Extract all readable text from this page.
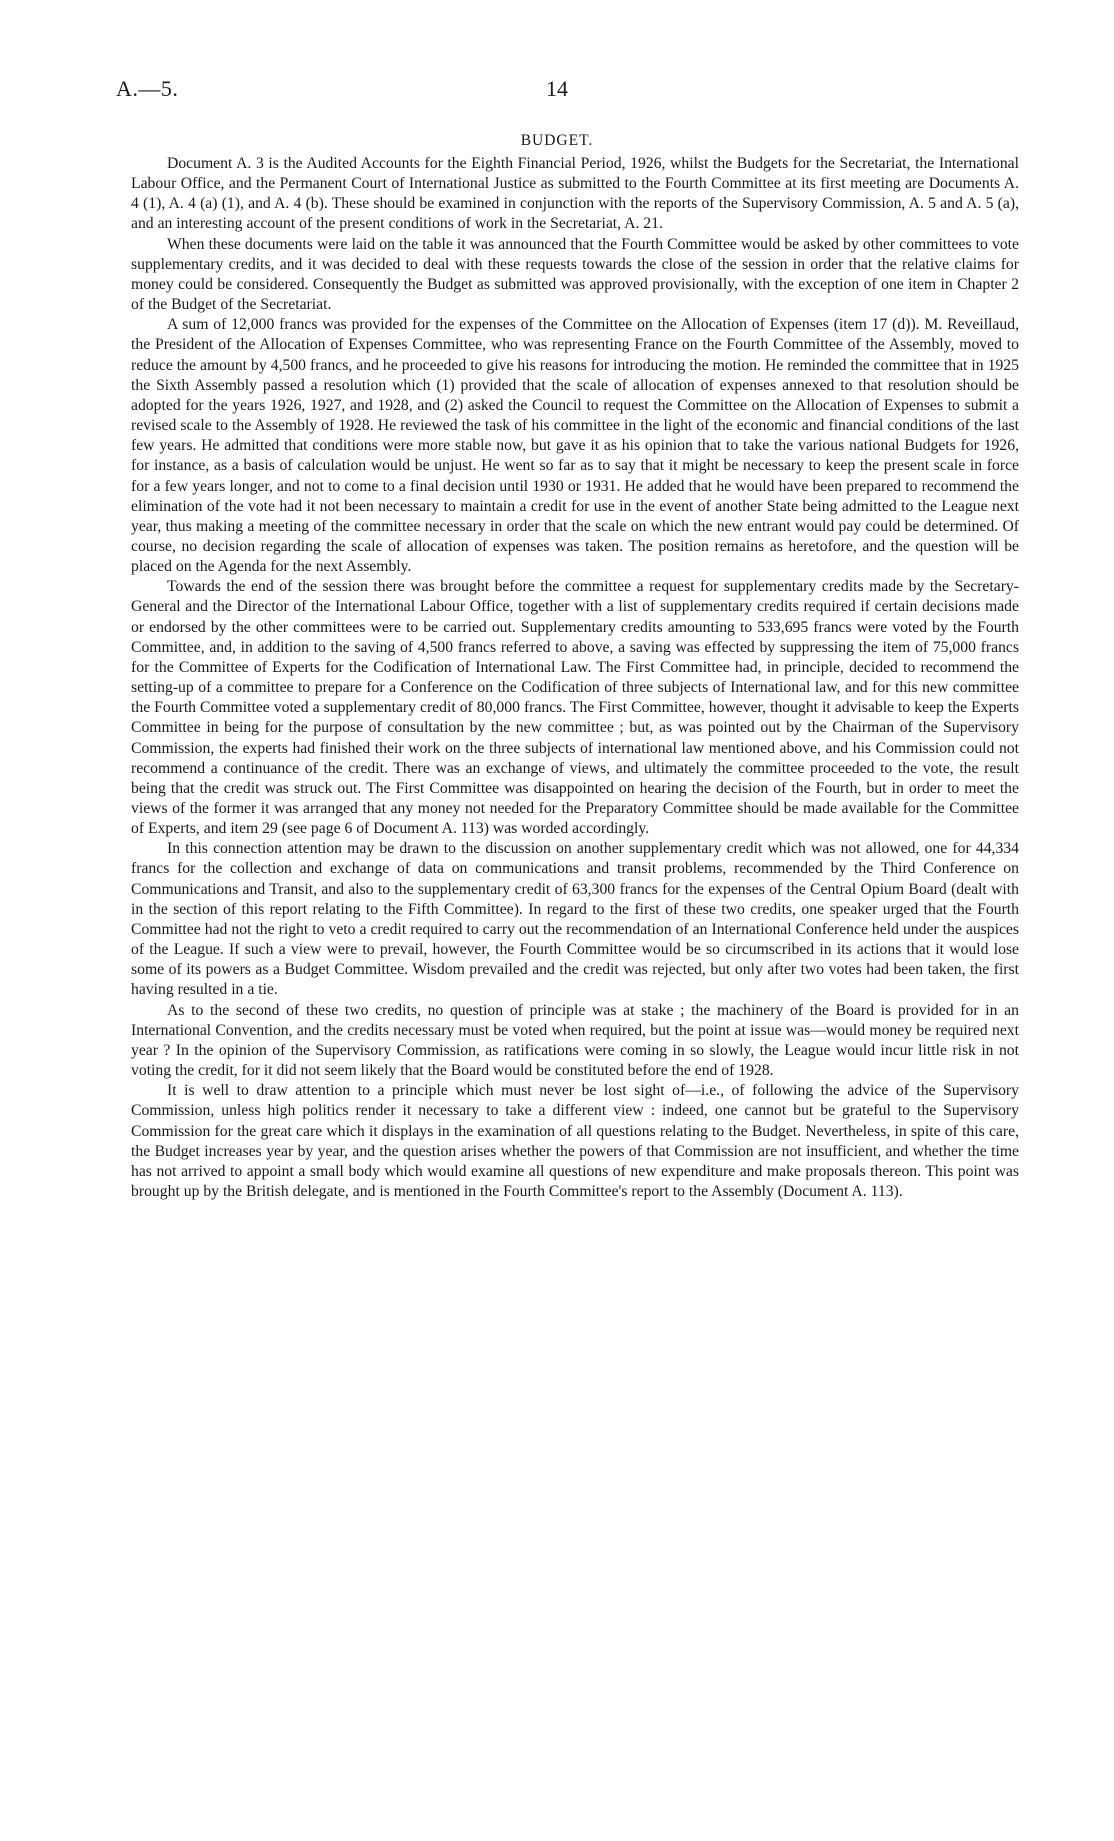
A.—5.	14
BUDGET.

Document A. 3 is the Audited Accounts for the Eighth Financial Period, 1926, whilst the Budgets for the Secretariat, the International Labour Office, and the Permanent Court of International Justice as submitted to the Fourth Committee at its first meeting are Documents A. 4 (1), A. 4 (a) (1), and A. 4 (b). These should be examined in conjunction with the reports of the Supervisory Commission, A. 5 and A. 5 (a), and an interesting account of the present conditions of work in the Secretariat, A. 21.

When these documents were laid on the table it was announced that the Fourth Committee would be asked by other committees to vote supplementary credits, and it was decided to deal with these requests towards the close of the session in order that the relative claims for money could be considered. Consequently the Budget as submitted was approved provisionally, with the exception of one item in Chapter 2 of the Budget of the Secretariat.

A sum of 12,000 francs was provided for the expenses of the Committee on the Allocation of Expenses (item 17 (d)). M. Reveillaud, the President of the Allocation of Expenses Committee, who was representing France on the Fourth Committee of the Assembly, moved to reduce the amount by 4,500 francs, and he proceeded to give his reasons for introducing the motion. He reminded the committee that in 1925 the Sixth Assembly passed a resolution which (1) provided that the scale of allocation of expenses annexed to that resolution should be adopted for the years 1926, 1927, and 1928, and (2) asked the Council to request the Committee on the Allocation of Expenses to submit a revised scale to the Assembly of 1928. He reviewed the task of his committee in the light of the economic and financial conditions of the last few years. He admitted that conditions were more stable now, but gave it as his opinion that to take the various national Budgets for 1926, for instance, as a basis of calculation would be unjust. He went so far as to say that it might be necessary to keep the present scale in force for a few years longer, and not to come to a final decision until 1930 or 1931. He added that he would have been prepared to recommend the elimination of the vote had it not been necessary to maintain a credit for use in the event of another State being admitted to the League next year, thus making a meeting of the committee necessary in order that the scale on which the new entrant would pay could be determined. Of course, no decision regarding the scale of allocation of expenses was taken. The position remains as heretofore, and the question will be placed on the Agenda for the next Assembly.

Towards the end of the session there was brought before the committee a request for supplementary credits made by the Secretary-General and the Director of the International Labour Office, together with a list of supplementary credits required if certain decisions made or endorsed by the other committees were to be carried out. Supplementary credits amounting to 533,695 francs were voted by the Fourth Committee, and, in addition to the saving of 4,500 francs referred to above, a saving was effected by suppressing the item of 75,000 francs for the Committee of Experts for the Codification of International Law. The First Committee had, in principle, decided to recommend the setting-up of a committee to prepare for a Conference on the Codification of three subjects of International law, and for this new committee the Fourth Committee voted a supplementary credit of 80,000 francs. The First Committee, however, thought it advisable to keep the Experts Committee in being for the purpose of consultation by the new committee ; but, as was pointed out by the Chairman of the Supervisory Commission, the experts had finished their work on the three subjects of international law mentioned above, and his Commission could not recommend a continuance of the credit. There was an exchange of views, and ultimately the committee proceeded to the vote, the result being that the credit was struck out. The First Committee was disappointed on hearing the decision of the Fourth, but in order to meet the views of the former it was arranged that any money not needed for the Preparatory Committee should be made available for the Committee of Experts, and item 29 (see page 6 of Document A. 113) was worded accordingly.

In this connection attention may be drawn to the discussion on another supplementary credit which was not allowed, one for 44,334 francs for the collection and exchange of data on communications and transit problems, recommended by the Third Conference on Communications and Transit, and also to the supplementary credit of 63,300 francs for the expenses of the Central Opium Board (dealt with in the section of this report relating to the Fifth Committee). In regard to the first of these two credits, one speaker urged that the Fourth Committee had not the right to veto a credit required to carry out the recommendation of an International Conference held under the auspices of the League. If such a view were to prevail, however, the Fourth Committee would be so circumscribed in its actions that it would lose some of its powers as a Budget Committee. Wisdom prevailed and the credit was rejected, but only after two votes had been taken, the first having resulted in a tie.

As to the second of these two credits, no question of principle was at stake ; the machinery of the Board is provided for in an International Convention, and the credits necessary must be voted when required, but the point at issue was—would money be required next year ? In the opinion of the Supervisory Commission, as ratifications were coming in so slowly, the League would incur little risk in not voting the credit, for it did not seem likely that the Board would be constituted before the end of 1928.

It is well to draw attention to a principle which must never be lost sight of—i.e., of following the advice of the Supervisory Commission, unless high politics render it necessary to take a different view : indeed, one cannot but be grateful to the Supervisory Commission for the great care which it displays in the examination of all questions relating to the Budget. Nevertheless, in spite of this care, the Budget increases year by year, and the question arises whether the powers of that Commission are not insufficient, and whether the time has not arrived to appoint a small body which would examine all questions of new expenditure and make proposals thereon. This point was brought up by the British delegate, and is mentioned in the Fourth Committee's report to the Assembly (Document A. 113).
